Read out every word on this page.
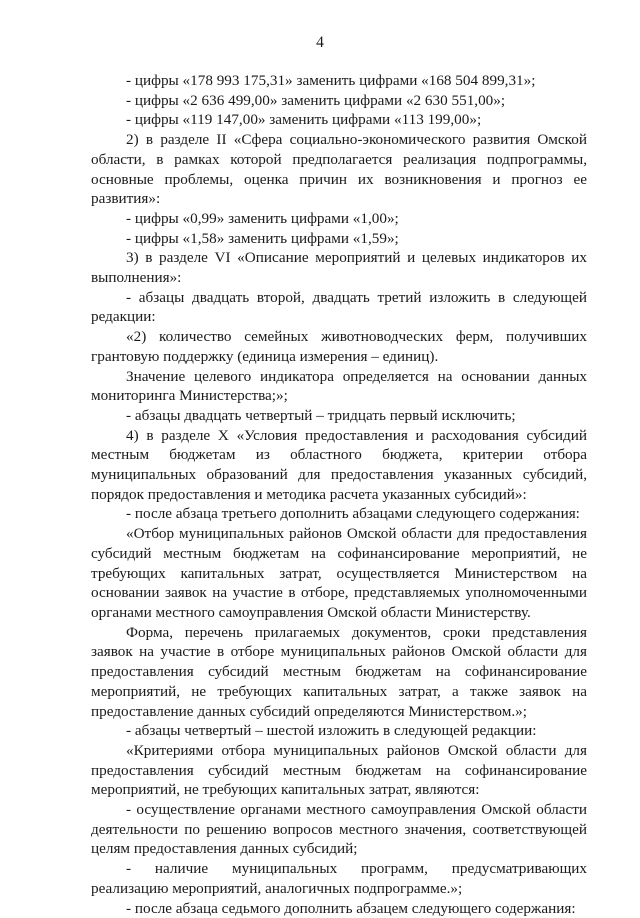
4

- цифры «178 993 175,31» заменить цифрами «168 504 899,31»;

- цифры «2 636 499,00» заменить цифрами «2 630 551,00»;

- цифры «119 147,00» заменить цифрами «113 199,00»;

2) в разделе II «Сфера социально-экономического развития Омской области, в рамках которой предполагается реализация подпрограммы, основные проблемы, оценка причин их возникновения и прогноз ее развития»:

- цифры «0,99» заменить цифрами «1,00»;

- цифры «1,58» заменить цифрами «1,59»;

3) в разделе VI «Описание мероприятий и целевых индикаторов их выполнения»:

- абзацы двадцать второй, двадцать третий изложить в следующей редакции:

«2) количество семейных животноводческих ферм, получивших грантовую поддержку (единица измерения – единиц).

Значение целевого индикатора определяется на основании данных мониторинга Министерства;»;

- абзацы двадцать четвертый – тридцать первый исключить;

4) в разделе X «Условия предоставления и расходования субсидий местным бюджетам из областного бюджета, критерии отбора муниципальных образований для предоставления указанных субсидий, порядок предоставления и методика расчета указанных субсидий»:

- после абзаца третьего дополнить абзацами следующего содержания:

«Отбор муниципальных районов Омской области для предоставления субсидий местным бюджетам на софинансирование мероприятий, не требующих капитальных затрат, осуществляется Министерством на основании заявок на участие в отборе, представляемых уполномоченными органами местного самоуправления Омской области Министерству.

Форма, перечень прилагаемых документов, сроки представления заявок на участие в отборе муниципальных районов Омской области для предоставления субсидий местным бюджетам на софинансирование мероприятий, не требующих капитальных затрат, а также заявок на предоставление данных субсидий определяются Министерством.»;

- абзацы четвертый – шестой изложить в следующей редакции:

«Критериями отбора муниципальных районов Омской области для предоставления субсидий местным бюджетам на софинансирование мероприятий, не требующих капитальных затрат, являются:

- осуществление органами местного самоуправления Омской области деятельности по решению вопросов местного значения, соответствующей целям предоставления данных субсидий;

- наличие муниципальных программ, предусматривающих реализацию мероприятий, аналогичных подпрограмме.»;

- после абзаца седьмого дополнить абзацем следующего содержания:
